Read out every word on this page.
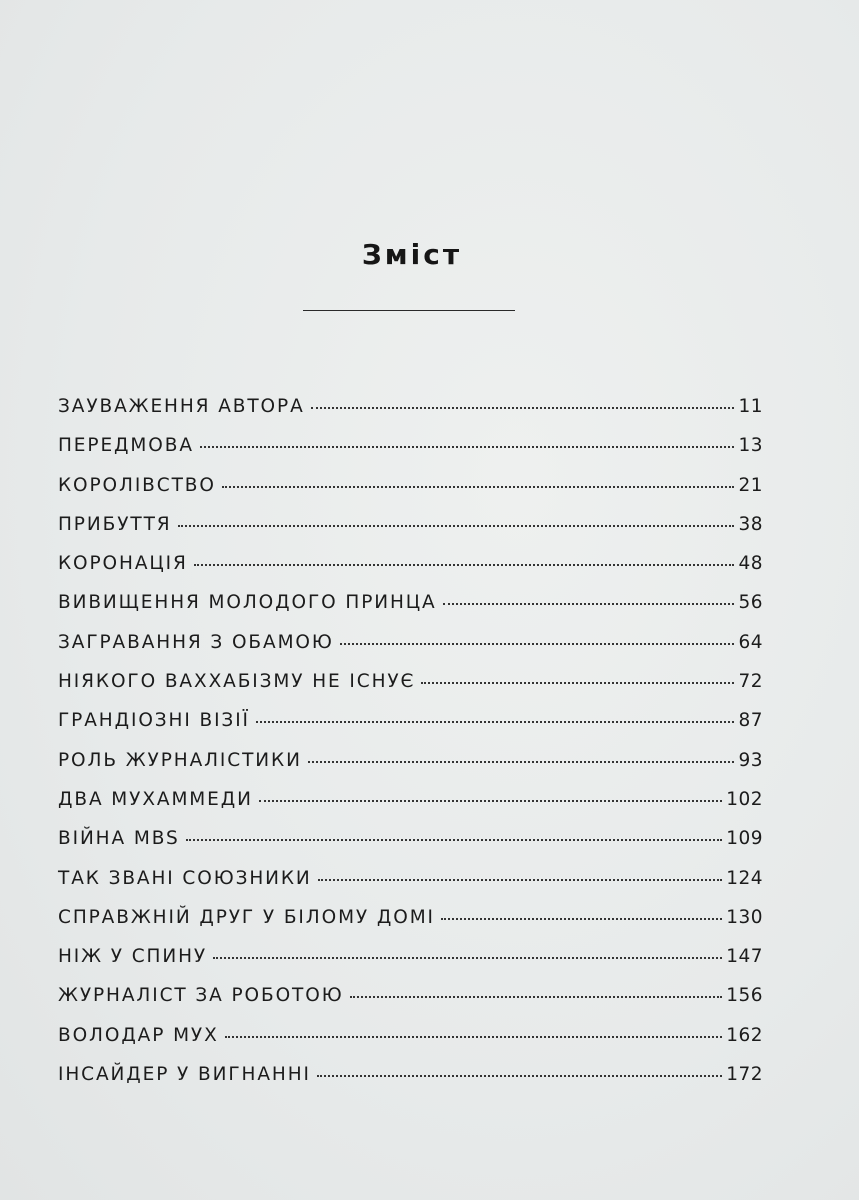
Зміст
ЗАУВАЖЕННЯ АВТОРА	11
ПЕРЕДМОВА	13
КОРОЛІВСТВО	21
ПРИБУТТЯ	38
КОРОНАЦІЯ	48
ВИВИЩЕННЯ МОЛОДОГО ПРИНЦА	56
ЗАГРАВАННЯ З ОБАМОЮ	64
НІЯКОГО ВАХХАБІЗМУ НЕ ІСНУЄ	72
ГРАНДІОЗНІ ВІЗІЇ	87
РОЛЬ ЖУРНАЛІСТИКИ	93
ДВА МУХАММЕДИ	102
ВІЙНА MBS	109
ТАК ЗВАНІ СОЮЗНИКИ	124
СПРАВЖНІЙ ДРУГ У БІЛОМУ ДОМІ	130
НІЖ У СПИНУ	147
ЖУРНАЛІСТ ЗА РОБОТОЮ	156
ВОЛОДАР МУХ	162
ІНСАЙДЕР У ВИГНАННІ	172
